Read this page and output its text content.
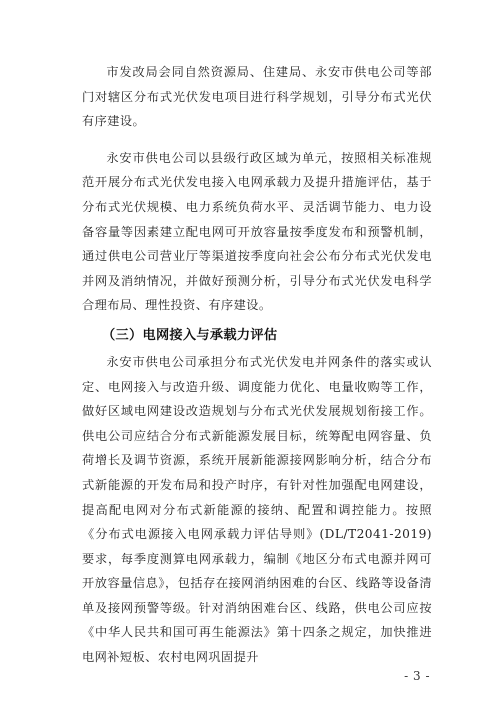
市发改局会同自然资源局、住建局、永安市供电公司等部门对辖区分布式光伏发电项目进行科学规划，引导分布式光伏有序建设。

永安市供电公司以县级行政区域为单元，按照相关标准规范开展分布式光伏发电接入电网承载力及提升措施评估，基于分布式光伏规模、电力系统负荷水平、灵活调节能力、电力设备容量等因素建立配电网可开放容量按季度发布和预警机制，通过供电公司营业厅等渠道按季度向社会公布分布式光伏发电并网及消纳情况，并做好预测分析，引导分布式光伏发电科学合理布局、理性投资、有序建设。

（三）电网接入与承载力评估

永安市供电公司承担分布式光伏发电并网条件的落实或认定、电网接入与改造升级、调度能力优化、电量收购等工作，做好区域电网建设改造规划与分布式光伏发展规划衔接工作。供电公司应结合分布式新能源发展目标，统筹配电网容量、负荷增长及调节资源，系统开展新能源接网影响分析，结合分布式新能源的开发布局和投产时序，有针对性加强配电网建设，提高配电网对分布式新能源的接纳、配置和调控能力。按照《分布式电源接入电网承载力评估导则》(DL/T2041-2019)要求，每季度测算电网承载力，编制《地区分布式电源并网可开放容量信息》，包括存在接网消纳困难的台区、线路等设备清单及接网预警等级。针对消纳困难台区、线路，供电公司应按《中华人民共和国可再生能源法》第十四条之规定，加快推进电网补短板、农村电网巩固提升

- 3 -
